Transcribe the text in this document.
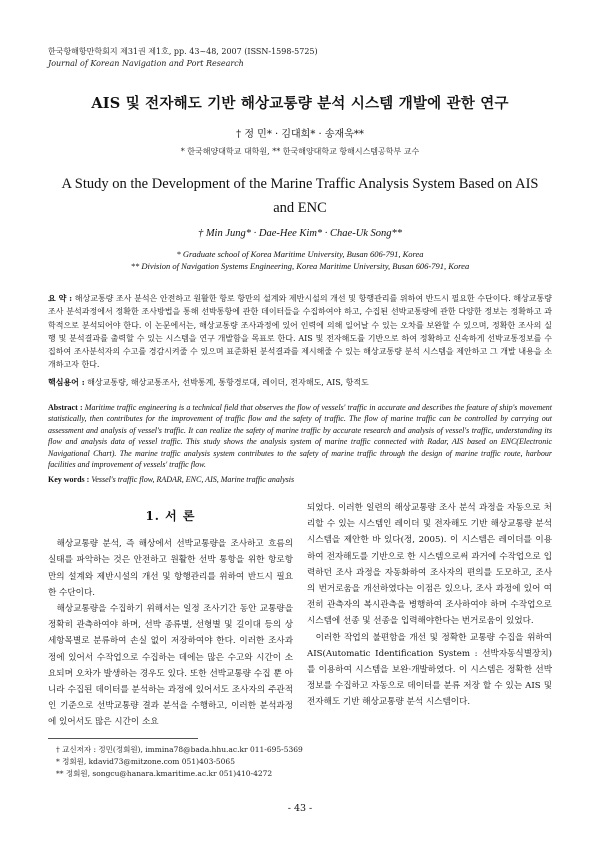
한국항해항만학회지 제31권 제1호, pp. 43~48, 2007 (ISSN-1598-5725)
Journal of Korean Navigation and Port Research
AIS 및 전자해도 기반 해상교통량 분석 시스템 개발에 관한 연구
† 정 민* · 김대희* · 송재욱**
* 한국해양대학교 대학원, ** 한국해양대학교 항해시스템공학부 교수
A Study on the Development of the Marine Traffic Analysis System Based on AIS and ENC
† Min Jung* · Dae-Hee Kim* · Chae-Uk Song**
* Graduate school of Korea Maritime University, Busan 606-791, Korea
** Division of Navigation Systems Engineering, Korea Maritime University, Busan 606-791, Korea
요 약 : 해상교통량 조사 분석은 안전하고 원활한 항로 항만의 설계와 제반시설의 개선 및 항행관리를 위하여 반드시 필요한 수단이다. 해상교통량 조사 분석과정에서 정확한 조사방법을 통해 선박통항에 관한 데이터들을 수집하여야 하고, 수집된 선박교통량에 관한 다양한 정보는 정확하고 과학적으로 분석되어야 한다. 이 논문에서는, 해상교통량 조사과정에 있어 인력에 의해 일어날 수 있는 오차를 보완할 수 있으며, 정확한 조사의 실행 및 분석결과를 출력할 수 있는 시스템을 연구 개발함을 목표로 한다. AIS 및 전자해도를 기반으로 하여 정확하고 신속하게 선박교통정보를 수집하여 조사분석자의 수고를 경감시켜줄 수 있으며 표준화된 분석결과를 제시해줄 수 있는 해상교통량 분석 시스템을 제안하고 그 개발 내용을 소개하고자 한다.
핵심용어 : 해상교통량, 해상교통조사, 선박통계, 통항경로대, 레이더, 전자해도, AIS, 항적도
Abstract : Maritime traffic engineering is a technical field that observes the flow of vessels' traffic in accurate and describes the feature of ship's movement statistically, then contributes for the improvement of traffic flow and the safety of traffic. The flow of marine traffic can be controlled by carrying out assessment and analysis of vessel's traffic. It can realize the safety of marine traffic by accurate research and analysis of vessel's traffic, understanding its flow and analysis data of vessel traffic. This study shows the analysis system of marine traffic connected with Radar, AIS based on ENC(Electronic Navigational Chart). The marine traffic analysis system contributes to the safety of marine traffic through the design of marine traffic route, harbour facilities and improvement of vessels' traffic flow.
Key words : Vessel's traffic flow, RADAR, ENC, AIS, Marine traffic analysis
1. 서 론

해상교통량 분석, 즉 해상에서 선박교통량을 조사하고 흐름의 실태를 파악하는 것은 안전하고 원활한 선박 통항을 위한 항로항만의 설계와 제반시설의 개선 및 항행관리를 위하여 반드시 필요한 수단이다.

해상교통량을 수집하기 위해서는 일정 조사기간 동안 교통량을 정확히 관측하여야 하며, 선박 종류별, 선형별 및 길이대 등의 상세항목별로 분류하여 손실 없이 저장하여야 한다. 이러한 조사과정에 있어서 수작업으로 수집하는 데에는 많은 수고와 시간이 소요되며 오차가 발생하는 경우도 있다. 또한 선박교통량 수집 뿐 아니라 수집된 데이터를 분석하는 과정에 있어서도 조사자의 주관적인 기준으로 선박교통량 결과 분석을 수행하고, 이러한 분석과정에 있어서도 많은 시간이 소요

되었다. 이러한 일련의 해상교통량 조사 분석 과정을 자동으로 처리할 수 있는 시스템인 레이더 및 전자해도 기반 해상교통량 분석 시스템을 제안한 바 있다(정, 2005). 이 시스템은 레이더를 이용하여 전자해도를 기반으로 한 시스템으로써 과거에 수작업으로 입력하던 조사 과정을 자동화하여 조사자의 편의를 도모하고, 조사의 번거로움을 개선하였다는 이점은 있으나, 조사 과정에 있어 여전히 관측자의 복시관측을 병행하여 조사하여야 하며 수작업으로 시스템에 선종 및 선종을 입력해야한다는 번거로움이 있었다.

이러한 작업의 불편함을 개선 및 정확한 교통량 수집을 위하여 AIS(Automatic Identification System : 선박자동식별장치)를 이용하여 시스템을 보완·개발하였다. 이 시스템은 정확한 선박정보를 수집하고 자동으로 데이터를 분류 저장 할 수 있는 AIS 및 전자해도 기반 해상교통량 분석 시스템이다.

† 교신저자 : 정민(정회원), immina78@bada.hhu.ac.kr 011-695-5369
* 정회원, kdavid73@mitzone.com 051)403-5065
** 정회원, songcu@hanara.kmaritime.ac.kr 051)410-4272
- 43 -
